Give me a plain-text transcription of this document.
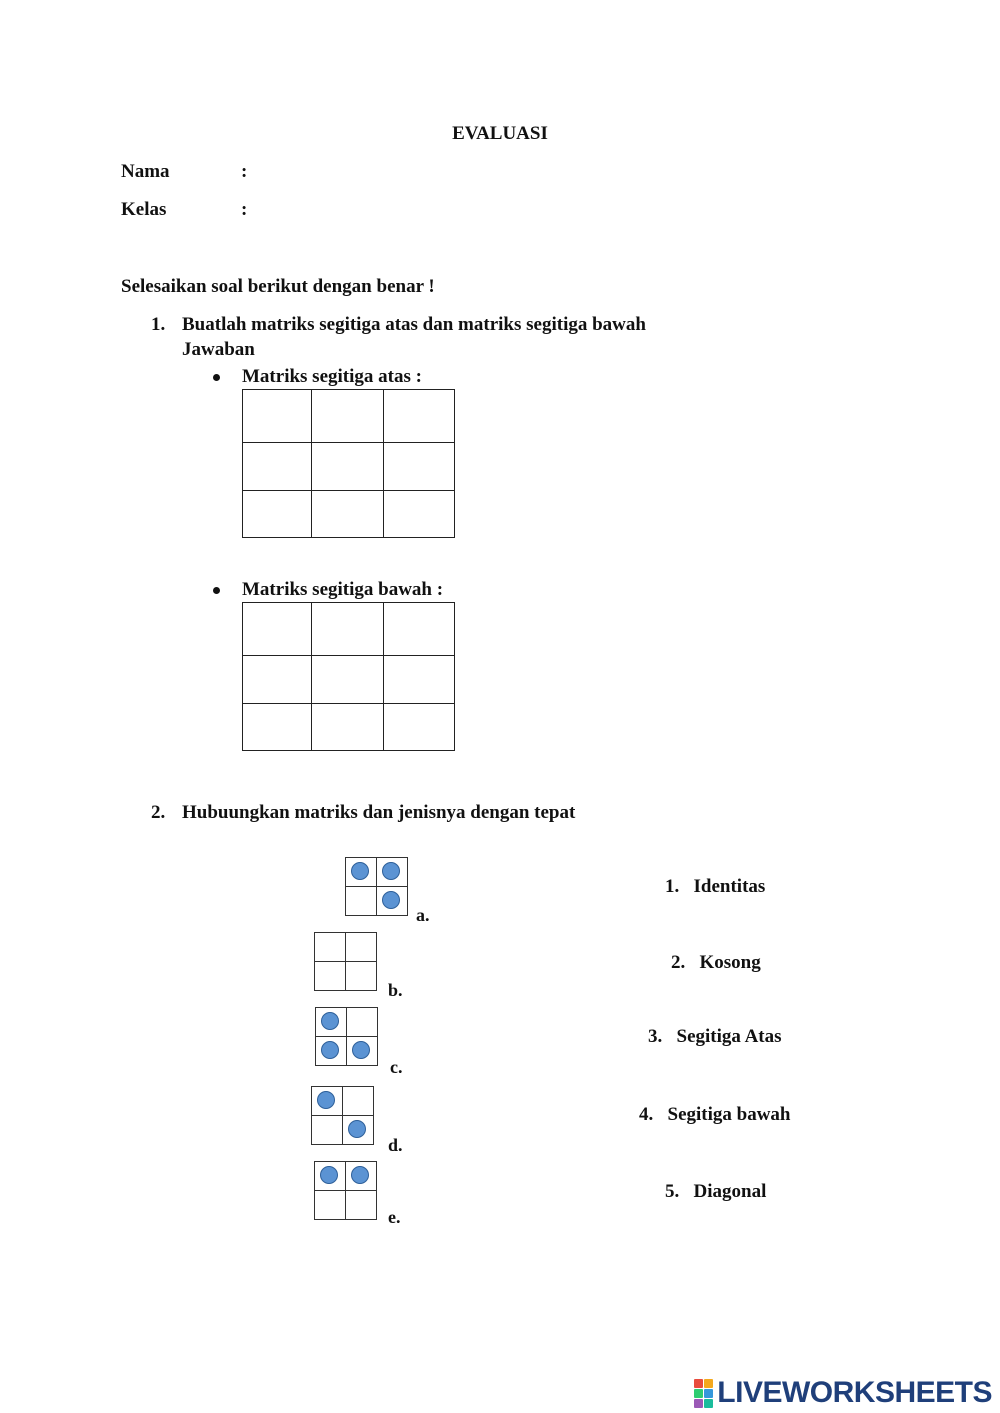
EVALUASI
Nama	:
Kelas	:
Selesaikan soal berikut dengan benar !
1. Buatlah matriks segitiga atas dan matriks segitiga bawah
Jawaban
Matriks segitiga atas :

Matriks segitiga bawah :

2. Hubuungkan matriks dan jenisnya dengan tepat

a.

b.

c.

d.

e.
1. Identitas
2. Kosong
3. Segitiga Atas
4. Segitiga bawah
5. Diagonal
LIVEWORKSHEETS
